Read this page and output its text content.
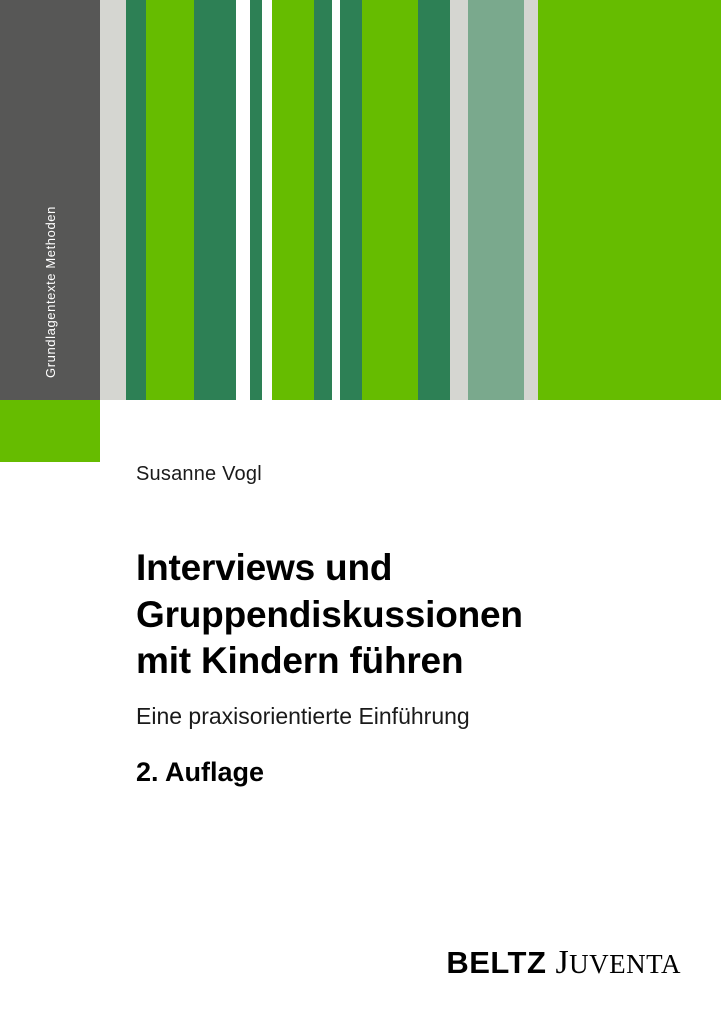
Grundlagentexte Methoden
Susanne Vogl
Interviews und
Gruppendiskussionen
mit Kindern führen
Eine praxisorientierte Einführung
2. Auflage
BELTZ JUVENTA
